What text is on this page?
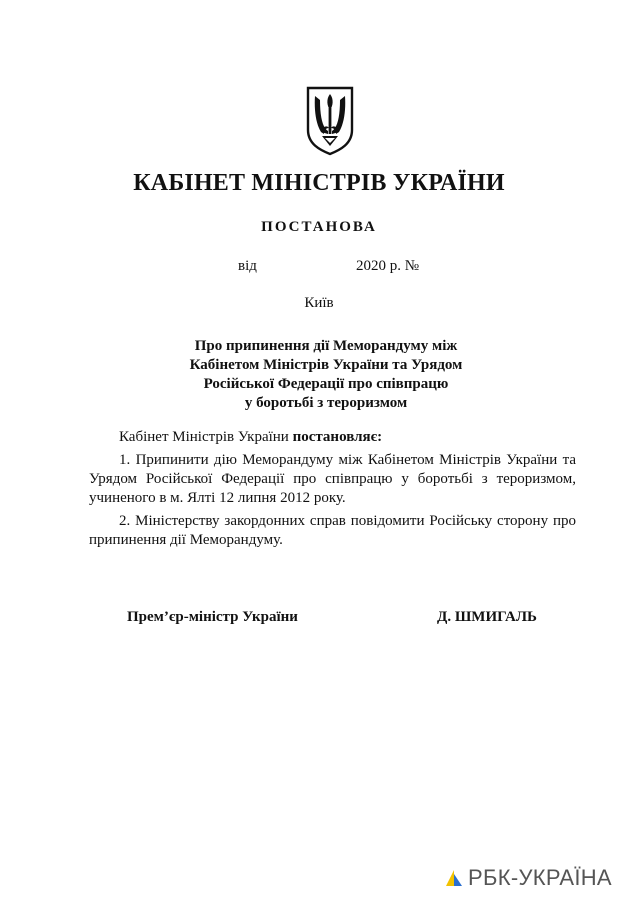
КАБІНЕТ МІНІСТРІВ УКРАЇНИ
ПОСТАНОВА
від	2020 р. №
Київ
Про припинення дії Меморандуму між
Кабінетом Міністрів України та Урядом
Російської Федерації про співпрацю
у боротьбі з тероризмом
Кабінет Міністрів України постановляє:
1. Припинити дію Меморандуму між Кабінетом Міністрів України та Урядом Російської Федерації про співпрацю у боротьбі з тероризмом, учиненого в м. Ялті 12 липня 2012 року.
2. Міністерству закордонних справ повідомити Російську сторону про припинення дії Меморандуму.
Прем’єр-міністр України	Д. ШМИГАЛЬ
РБК-УКРАЇНА
